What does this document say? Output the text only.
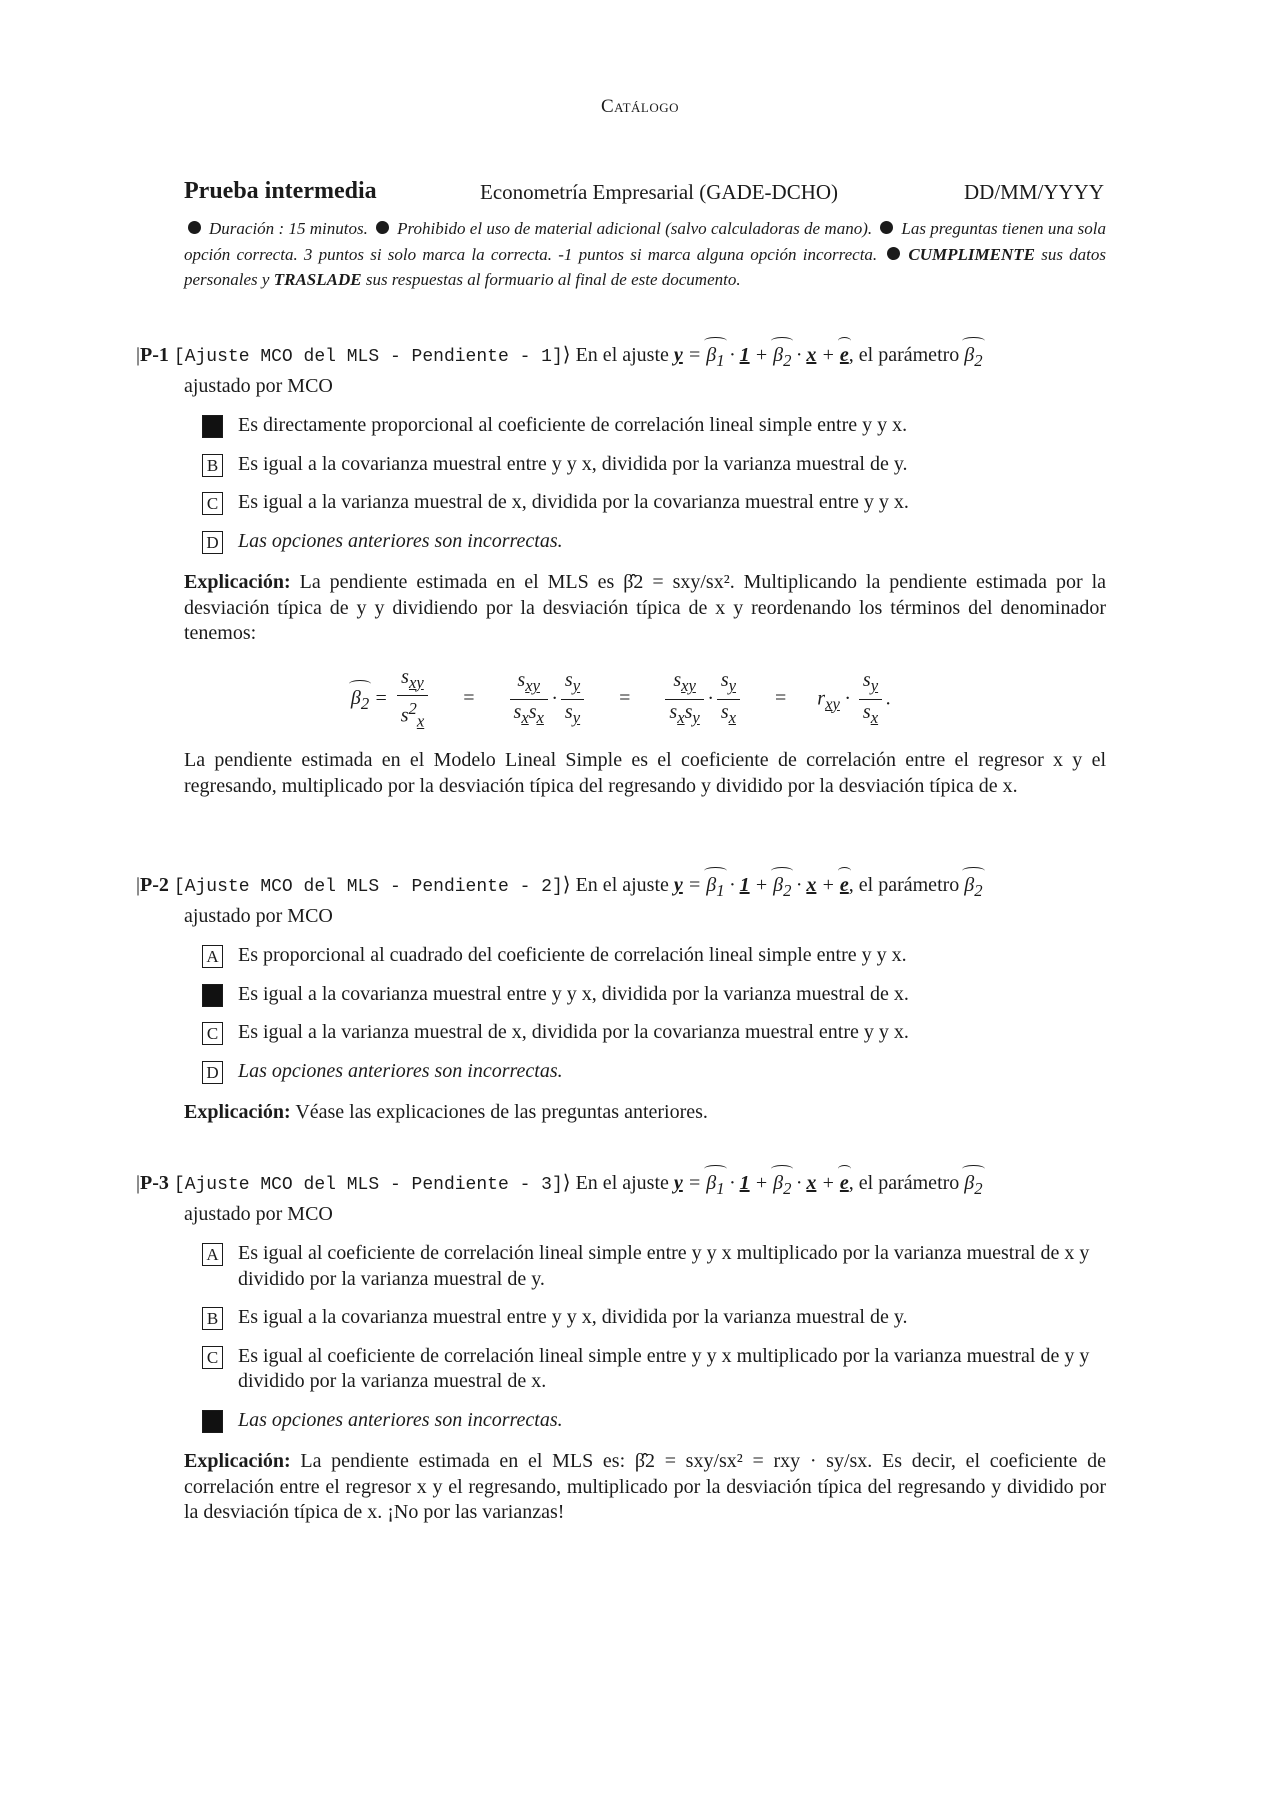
Catálogo
Prueba intermedia	Econometría Empresarial (GADE-DCHO)	DD/MM/YYYY
Duración : 15 minutos. Prohibido el uso de material adicional (salvo calculadoras de mano). Las preguntas tienen una sola opción correcta. 3 puntos si solo marca la correcta. -1 puntos si marca alguna opción incorrecta. CUMPLIMENTE sus datos personales y TRASLADE sus respuestas al formuario al final de este documento.
|P-1 [Ajuste MCO del MLS - Pendiente - 1]⟩ En el ajuste $y = \beta_1 \cdot 1 + \beta_2 \cdot x + e$, el parámetro $\beta_2$
ajustado por MCO
Es directamente proporcional al coeficiente de correlación lineal simple entre y y x.
B Es igual a la covarianza muestral entre y y x, dividida por la varianza muestral de y.
C Es igual a la varianza muestral de x, dividida por la covarianza muestral entre y y x.
D Las opciones anteriores son incorrectas.
Explicación: La pendiente estimada en el MLS es β̂2 = sxy/sx². Multiplicando la pendiente estimada por la desviación típica de y y dividiendo por la desviación típica de x y reordenando los términos del denominador tenemos:
$\beta_2 = \frac{s_{xy}}{s^2_x} = \frac{s_{xy}}{s_xs_x} \cdot \frac{s_y}{s_y} = \frac{s_{xy}}{s_xs_y} \cdot \frac{s_y}{s_x} = r_{xy} \cdot \frac{s_y}{s_x}$ .
La pendiente estimada en el Modelo Lineal Simple es el coeficiente de correlación entre el regresor x y el regresando, multiplicado por la desviación típica del regresando y dividido por la desviación típica de x.
|P-2 [Ajuste MCO del MLS - Pendiente - 2]⟩ En el ajuste $y = \beta_1 \cdot 1 + \beta_2 \cdot x + e$, el parámetro $\beta_2$
ajustado por MCO
A Es proporcional al cuadrado del coeficiente de correlación lineal simple entre y y x.
Es igual a la covarianza muestral entre y y x, dividida por la varianza muestral de x.
C Es igual a la varianza muestral de x, dividida por la covarianza muestral entre y y x.
D Las opciones anteriores son incorrectas.
Explicación: Véase las explicaciones de las preguntas anteriores.
|P-3 [Ajuste MCO del MLS - Pendiente - 3]⟩ En el ajuste $y = \beta_1 \cdot 1 + \beta_2 \cdot x + e$, el parámetro $\beta_2$
ajustado por MCO
A Es igual al coeficiente de correlación lineal simple entre y y x multiplicado por la varianza muestral de x y dividido por la varianza muestral de y.
B Es igual a la covarianza muestral entre y y x, dividida por la varianza muestral de y.
C Es igual al coeficiente de correlación lineal simple entre y y x multiplicado por la varianza muestral de y y dividido por la varianza muestral de x.
Las opciones anteriores son incorrectas.
Explicación: La pendiente estimada en el MLS es: β̂2 = sxy/sx² = rxy · sy/sx. Es decir, el coeficiente de correlación entre el regresor x y el regresando, multiplicado por la desviación típica del regresando y dividido por la desviación típica de x. ¡No por las varianzas!
